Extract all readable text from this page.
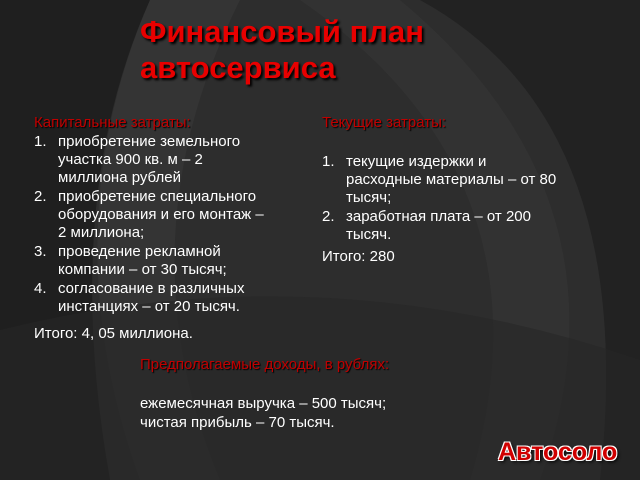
Финансовый план
автосервиса
Капитальные затраты:
1. приобретение земельного
участка 900 кв. м – 2
миллиона рублей
2. приобретение специального
оборудования и его монтаж –
2 миллиона;
3. проведение рекламной
компании – от 30 тысяч;
4. согласование в различных
инстанциях – от 20 тысяч.
Итого: 4, 05 миллиона.
Текущие затраты:
1. текущие издержки и
расходные материалы – от 80
тысяч;
2. заработная плата – от 200
тысяч.
Итого: 280
Предполагаемые доходы, в рублях:
ежемесячная выручка – 500 тысяч;
чистая прибыль – 70 тысяч.
Автосоло
